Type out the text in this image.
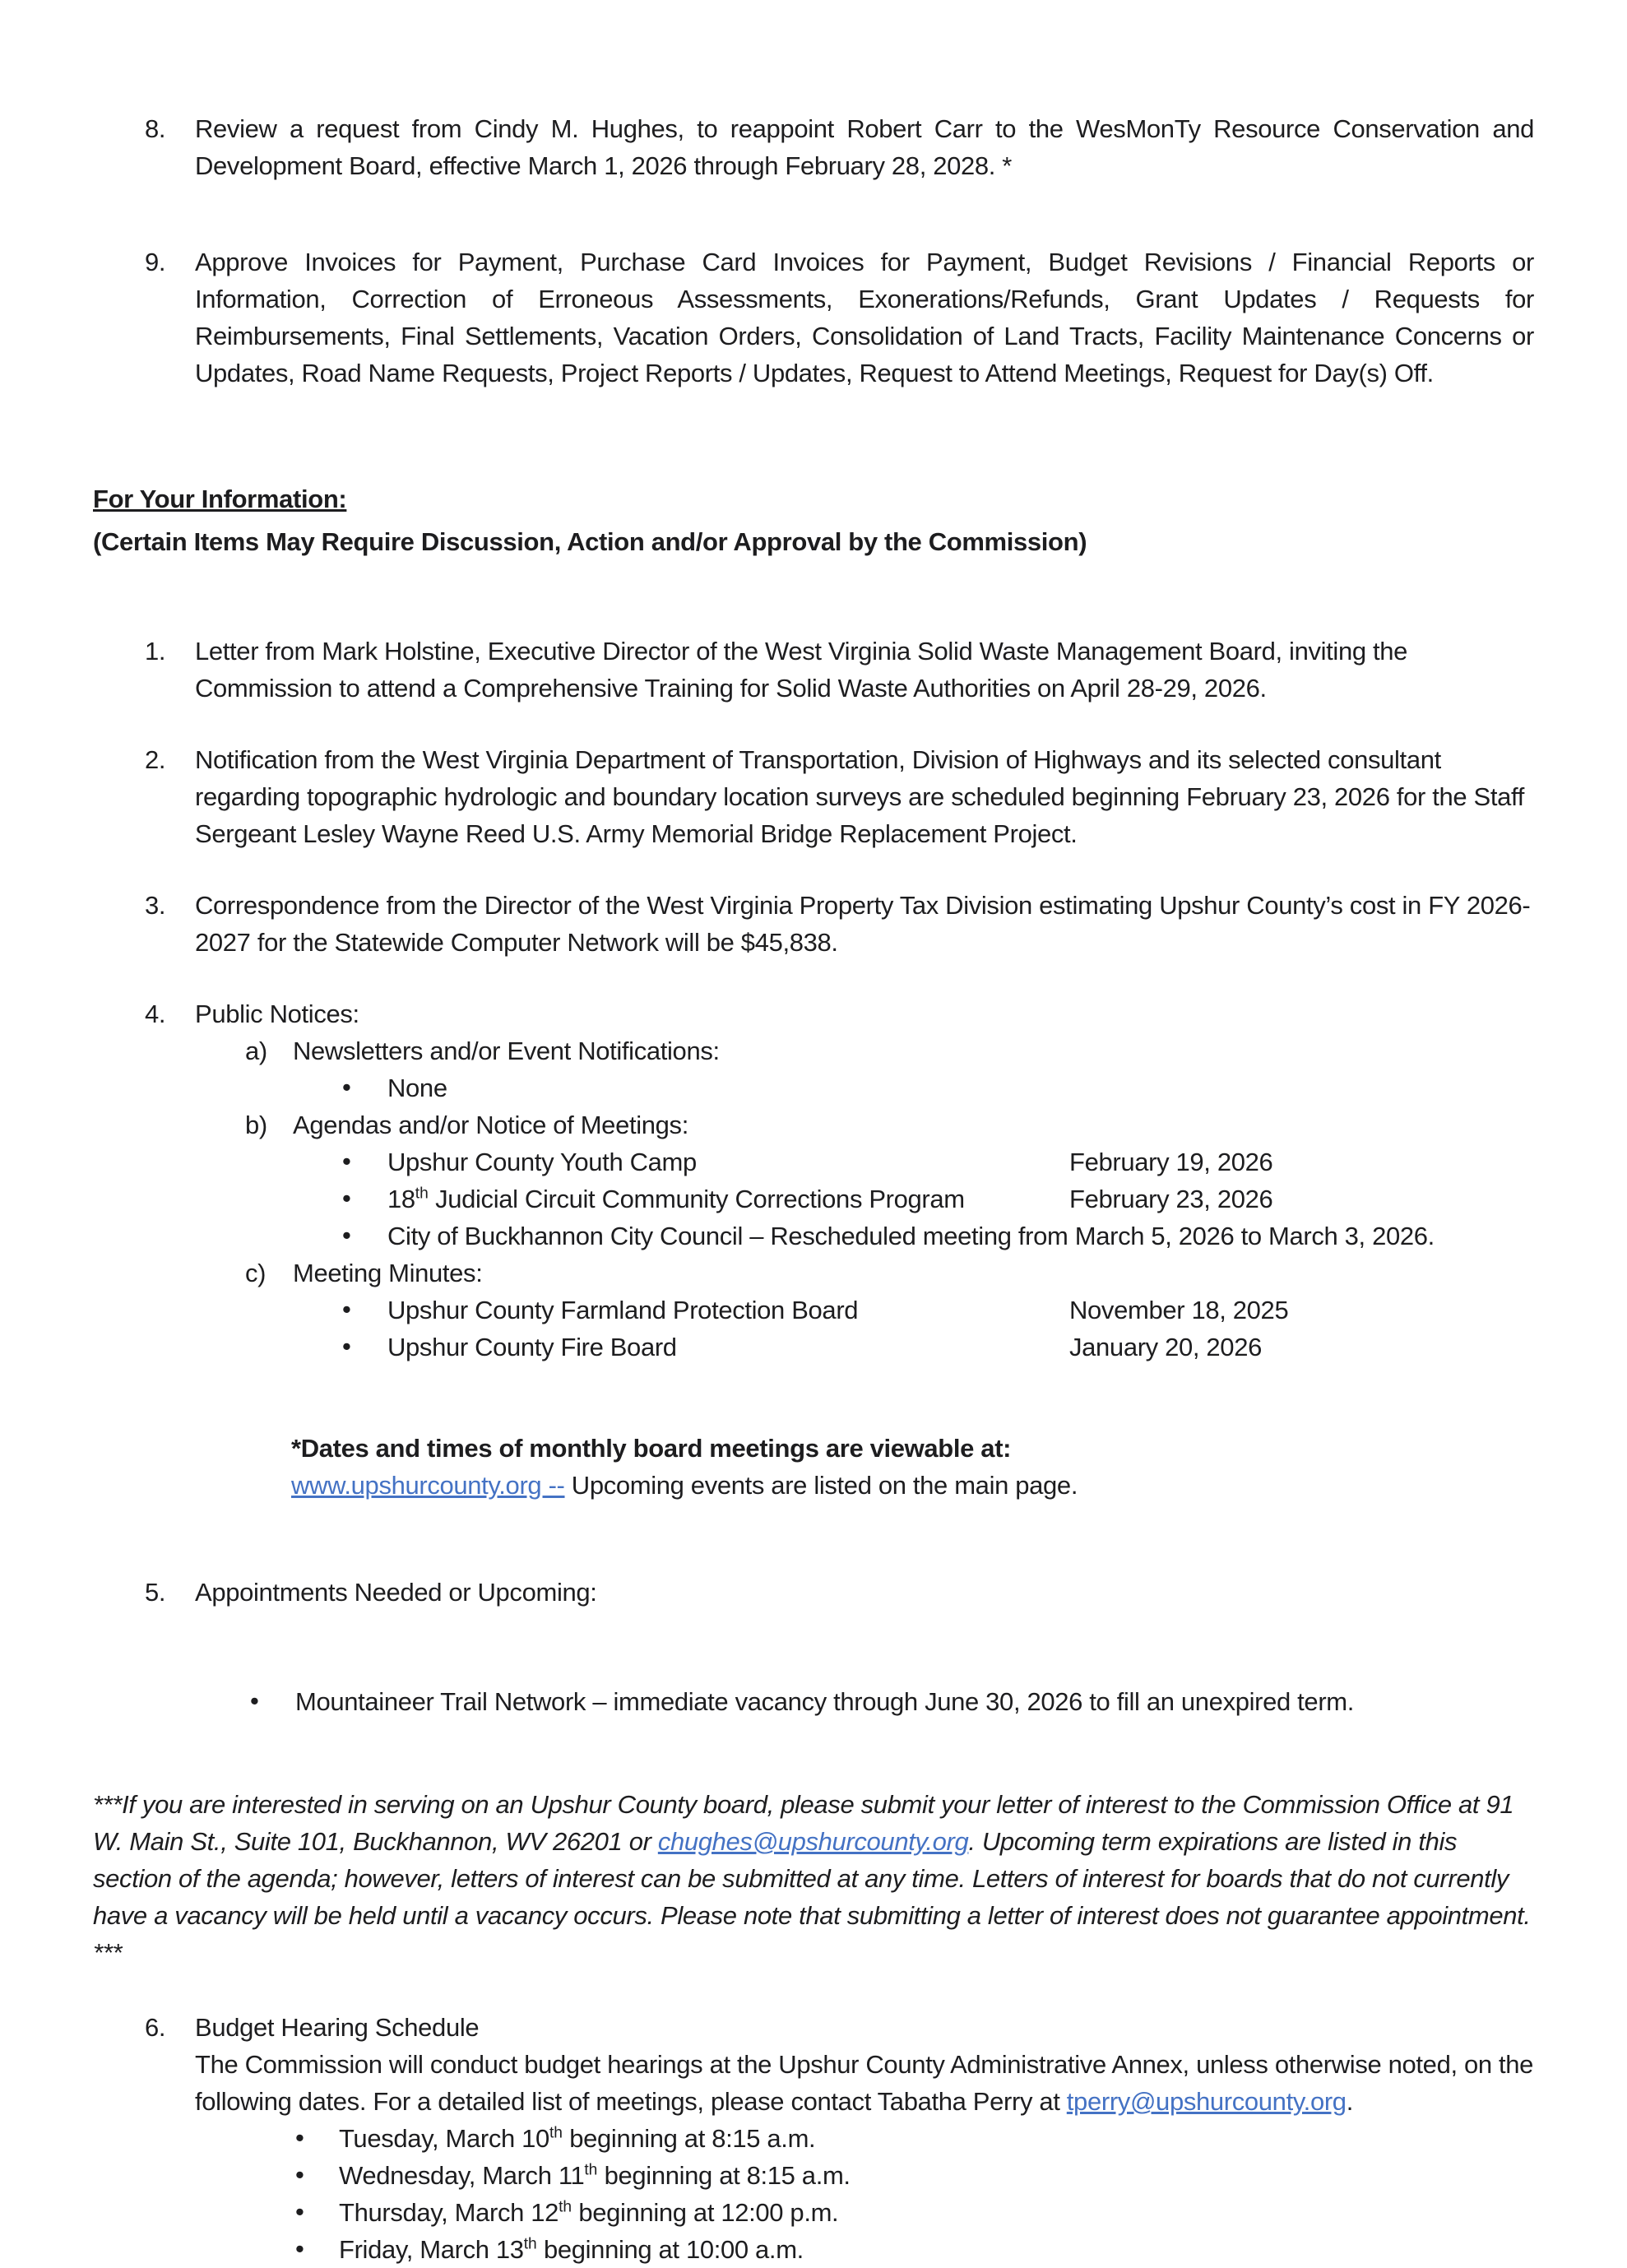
8. Review a request from Cindy M. Hughes, to reappoint Robert Carr to the WesMonTy Resource Conservation and Development Board, effective March 1, 2026 through February 28, 2028. *
9. Approve Invoices for Payment, Purchase Card Invoices for Payment, Budget Revisions / Financial Reports or Information, Correction of Erroneous Assessments, Exonerations/Refunds, Grant Updates / Requests for Reimbursements, Final Settlements, Vacation Orders, Consolidation of Land Tracts, Facility Maintenance Concerns or Updates, Road Name Requests, Project Reports / Updates, Request to Attend Meetings, Request for Day(s) Off.
For Your Information:
(Certain Items May Require Discussion, Action and/or Approval by the Commission)
1. Letter from Mark Holstine, Executive Director of the West Virginia Solid Waste Management Board, inviting the Commission to attend a Comprehensive Training for Solid Waste Authorities on April 28-29, 2026.
2. Notification from the West Virginia Department of Transportation, Division of Highways and its selected consultant regarding topographic hydrologic and boundary location surveys are scheduled beginning February 23, 2026 for the Staff Sergeant Lesley Wayne Reed U.S. Army Memorial Bridge Replacement Project.
3. Correspondence from the Director of the West Virginia Property Tax Division estimating Upshur County’s cost in FY 2026-2027 for the Statewide Computer Network will be $45,838.
4. Public Notices:
a) Newsletters and/or Event Notifications:
• None
b) Agendas and/or Notice of Meetings:
• Upshur County Youth Camp	February 19, 2026
• 18th Judicial Circuit Community Corrections Program	February 23, 2026
• City of Buckhannon City Council – Rescheduled meeting from March 5, 2026 to March 3, 2026.
c) Meeting Minutes:
• Upshur County Farmland Protection Board	November 18, 2025
• Upshur County Fire Board	January 20, 2026
*Dates and times of monthly board meetings are viewable at:
www.upshurcounty.org -- Upcoming events are listed on the main page.
5. Appointments Needed or Upcoming:
• Mountaineer Trail Network – immediate vacancy through June 30, 2026 to fill an unexpired term.
***If you are interested in serving on an Upshur County board, please submit your letter of interest to the Commission Office at 91 W. Main St., Suite 101, Buckhannon, WV 26201 or chughes@upshurcounty.org. Upcoming term expirations are listed in this section of the agenda; however, letters of interest can be submitted at any time. Letters of interest for boards that do not currently have a vacancy will be held until a vacancy occurs. Please note that submitting a letter of interest does not guarantee appointment. ***
6. Budget Hearing Schedule
The Commission will conduct budget hearings at the Upshur County Administrative Annex, unless otherwise noted, on the following dates. For a detailed list of meetings, please contact Tabatha Perry at tperry@upshurcounty.org.
• Tuesday, March 10th beginning at 8:15 a.m.
• Wednesday, March 11th beginning at 8:15 a.m.
• Thursday, March 12th beginning at 12:00 p.m.
• Friday, March 13th beginning at 10:00 a.m.
